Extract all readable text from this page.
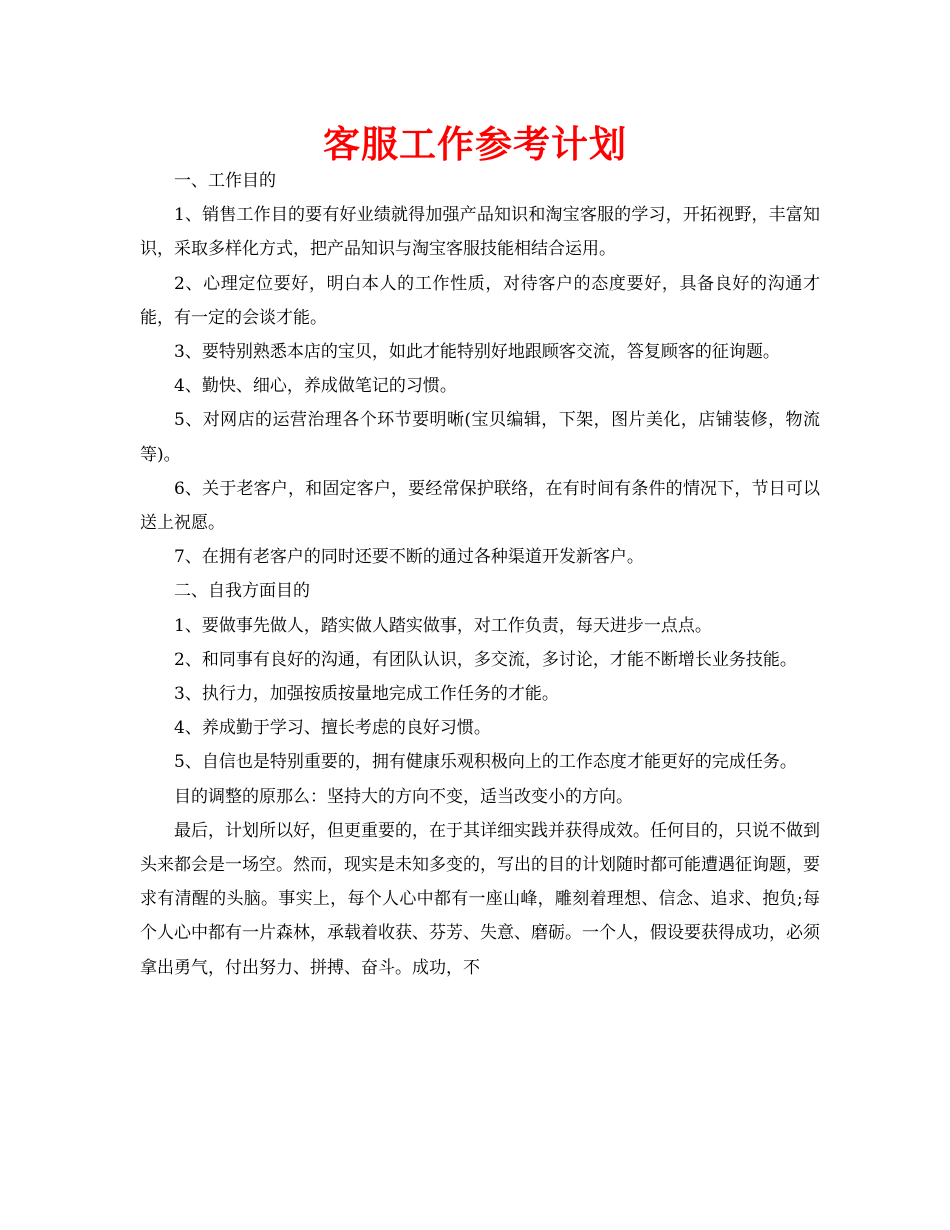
客服工作参考计划

一、工作目的

1、销售工作目的要有好业绩就得加强产品知识和淘宝客服的学习，开拓视野，丰富知识，采取多样化方式，把产品知识与淘宝客服技能相结合运用。

2、心理定位要好，明白本人的工作性质，对待客户的态度要好，具备良好的沟通才能，有一定的会谈才能。

3、要特别熟悉本店的宝贝，如此才能特别好地跟顾客交流，答复顾客的征询题。

4、勤快、细心，养成做笔记的习惯。

5、对网店的运营治理各个环节要明晰(宝贝编辑，下架，图片美化，店铺装修，物流等)。

6、关于老客户，和固定客户，要经常保护联络，在有时间有条件的情况下，节日可以送上祝愿。

7、在拥有老客户的同时还要不断的通过各种渠道开发新客户。

二、自我方面目的

1、要做事先做人，踏实做人踏实做事，对工作负责，每天进步一点点。

2、和同事有良好的沟通，有团队认识，多交流，多讨论，才能不断增长业务技能。

3、执行力，加强按质按量地完成工作任务的才能。

4、养成勤于学习、擅长考虑的良好习惯。

5、自信也是特别重要的，拥有健康乐观积极向上的工作态度才能更好的完成任务。

目的调整的原那么：坚持大的方向不变，适当改变小的方向。

最后，计划所以好，但更重要的，在于其详细实践并获得成效。任何目的，只说不做到头来都会是一场空。然而，现实是未知多变的，写出的目的计划随时都可能遭遇征询题，要求有清醒的头脑。事实上，每个人心中都有一座山峰，雕刻着理想、信念、追求、抱负;每个人心中都有一片森林，承载着收获、芬芳、失意、磨砺。一个人，假设要获得成功，必须拿出勇气，付出努力、拼搏、奋斗。成功，不
